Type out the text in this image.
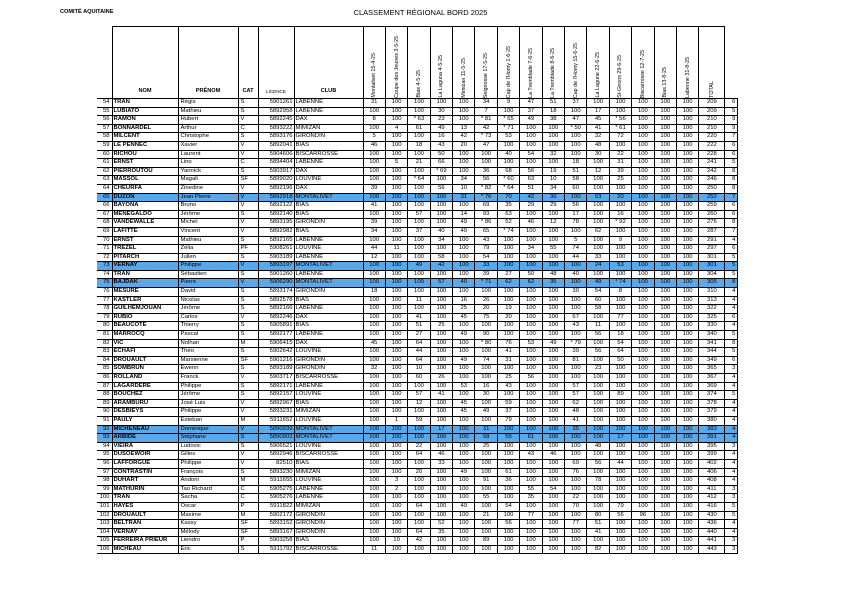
COMITÉ AQUITAINE	CLASSEMENT RÉGIONAL BORD 2025
	NOM	PRÉNOM	CAT	LICENCE	CLUB	Montalivet 15-4-25	Coupe des Jeunes 3-5-25	Bias 4-5-25	La Laguna 4-5-25	Mimizan 11-5-25	Seignosse 17-5-25	Cap de l'Homy 1-6-25	La Tremblade 7-6-25	La Tremblade 8-6-25	Cap de l'Homy 15-6-25	La Lagune 22-6-25	St-Girons 29-6-25	Biscarrosse 12-7-25	Bias 13-8-25	Labenne 31-8-25	TOTAL	

54	TRAN	Régis	S	5901261	LABENNE	31	100	100	100	100	34	9	47	51	37	100	100	100	100	100	209	6
55	LUBIATO	Mathieu	S	5892958	LABENNE	100	100	100	30	100	7	100	37	18	100	17	100	100	100	100	209	5
56	RAMON	Hubert	V	5892245	DAX	8	100	* 63	23	100	* 81	* 65	49	38	47	45	* 56	100	100	100	210	9
57	BONNARDEL	Arthur	C	5893222	MIMIZAN	100	4	61	49	13	42	* 71	100	100	* 50	41	* 61	100	100	100	210	9
58	MILCENT	Christophe	S	5893176	GIRONDIN	5	100	100	16	42	* 73	53	100	100	100	32	72	100	100	100	220	7
59	LE PENNEC	Xavier	V	5892041	BIAS	46	100	18	43	20	47	100	100	100	100	48	100	100	100	100	222	6
60	RICHOU	Laurent	V	5904606	BISCARROSSE	100	100	100	50	100	100	40	54	32	100	30	22	100	100	100	228	6
61	ERNST	Lino	C	5894404	LABENNE	100	5	21	66	100	100	100	100	100	18	100	31	100	100	100	241	5
62	PIERROUTOU	Yannick	S	5903917	DAX	100	100	100	* 69	100	36	68	56	19	51	12	39	100	100	100	242	8
63	MASSOL	Magali	SF	5899020	LOUVINE	100	100	* 64	100	34	56	* 60	63	10	58	100	25	100	100	100	246	8
64	CHEURFA	Zinedine	V	5892196	DAX	39	100	100	56	10	* 82	* 64	51	34	60	100	100	100	100	100	250	8
65	DUZON	Jean Pierre	V	5892918	MONTALIVET	100	100	100	100	31	* 76	70	42	36	100	53	20	100	100	100	252	7
66	BAYONA	Bruno	V	5892122	BIAS	41	100	100	100	100	69	35	29	29	56	100	100	100	100	100	259	6
67	MENEGALDO	Jérôme	S	5892140	BIAS	100	100	57	100	14	93	63	100	100	17	100	16	100	100	100	260	6
68	VANDEWALLE	Michel	V	5893195	GIRONDIN	39	100	100	100	49	* 86	52	46	12	78	100	* 92	100	100	100	276	8
69	LAFITTE	Vincent	V	5892982	BIAS	34	100	37	40	49	65	* 74	100	100	100	62	100	100	100	100	287	7
70	ERNST	Mathieu	S	5892165	LABENNE	100	100	100	34	100	43	100	100	100	5	100	9	100	100	100	291	4
71	TREZEL	Zélia	PF	5908261	LOUVINE	44	11	100	100	100	79	100	34	55	74	100	100	100	100	100	297	6
72	PITARCH	Julien	S	5903189	LABENNE	12	100	100	58	100	54	100	100	100	44	33	100	100	100	100	301	5
73	VERNAY	Philippe	V	5893197	MONTALIVET	100	100	49	42	100	33	100	100	100	100	24	53	100	100	100	301	5
74	TRAN	Sébastien	S	5901260	LABENNE	100	100	100	100	100	39	27	50	48	40	100	100	100	100	100	304	5
75	BAJDAK	Pierre	V	5906290	MONTALIVET	100	100	100	57	40	* 71	62	62	35	100	49	* 74	100	100	100	305	8
76	MESURE	David	S	5893174	GIRONDIN	18	100	100	100	100	100	100	100	100	30	54	8	100	100	100	310	4
77	KASTLER	Nicolas	S	5892578	BIAS	100	100	11	100	16	26	100	100	100	100	60	100	100	100	100	313	4
78	GUILHEMJOUAN	Jérôme	S	5892166	LABENNE	100	100	100	100	25	20	19	100	100	100	58	100	100	100	100	322	4
79	RUBIO	Carlos	V	5892246	DAX	100	100	41	100	45	75	20	100	100	67	100	77	100	100	100	325	6
80	BEAUCOTE	Thierry	S	5905891	BIAS	100	100	51	25	100	100	100	100	100	43	11	100	100	100	100	330	4
81	MARROCQ	Pascal	S	5892177	LABENNE	100	100	27	100	49	90	100	100	100	100	56	18	100	100	100	340	5
82	VIC	Nolhan	M	5906415	DAX	45	100	64	100	100	* 80	76	53	49	* 79	100	54	100	100	100	341	8
83	ÉCHAFI	Théo	S	5902642	LOUVINE	100	100	44	100	100	100	41	100	100	39	56	64	100	100	100	344	5
84	DROUAULT	Marsienne	SF	5901216	GIRONDIN	100	100	64	100	49	74	31	100	100	81	100	50	100	100	100	349	6
85	SOMBRUN	Ewenn	S	5893189	GIRONDIN	32	100	10	100	100	100	100	100	100	100	23	100	100	100	100	365	3
86	ROLLAND	Franck	V	5903717	BISCARROSSE	100	100	60	26	100	100	25	56	100	100	100	100	100	100	100	367	4
87	LAGARDÈRE	Philippe	S	5892171	LABENNE	100	100	100	100	53	16	43	100	100	57	100	100	100	100	100	369	4
88	BOUCHEZ	Jérôme	S	5892157	LOUVINE	100	100	57	41	100	30	100	100	100	57	100	89	100	100	100	374	5
89	ARAMBURU	José Luis	V	5892967	BIAS	100	100	12	100	45	100	59	100	100	62	100	100	100	100	100	378	4
90	DESBIEYS	Philippe	V	5893231	MIMIZAN	100	100	100	100	45	49	37	100	100	48	100	100	100	100	100	379	4
91	PAULY	Esteban	M	5911652	LOUVINE	100	1	59	100	100	100	79	100	100	41	100	100	100	100	100	380	4
92	MICHENEAU	Dominique	V	5890939	MONTALIVET	100	100	100	17	100	31	100	100	100	35	100	100	100	100	100	383	4
93	ARBIDE	Stéphane	S	5890903	MONTALIVET	100	100	100	100	100	58	55	61	100	100	100	17	100	100	100	391	4
94	VIEIRA	Ludovic	S	5906521	LOUVINE	100	100	22	100	100	25	100	100	100	100	48	100	100	100	100	395	3
95	DUSOEWOIR	Gilles	V	5892946	BISCARROSSE	100	100	64	46	100	100	100	43	46	100	100	100	100	100	100	399	4
96	LAFFORGUE	Philippe	V	82510	BIAS	100	100	100	33	100	100	100	100	100	69	56	44	100	100	100	402	4
97	CONTRASTIN	François	S	5893230	MIMIZAN	100	100	20	100	49	100	61	100	100	76	100	100	100	100	100	406	4
98	DUHART	Andoni	M	5911655	LOUVINE	100	3	100	100	100	91	36	100	100	100	78	100	100	100	100	408	4
99	MATHURIN	Tao Richard	C	5905275	LABENNE	100	2	100	100	100	100	100	55	54	100	100	100	100	100	100	411	3
100	TRAN	Sacha	C	5905276	LABENNE	100	100	100	100	100	55	100	35	100	22	100	100	100	100	100	412	3
101	HAYES	Oscar	P	5911822	MIMIZAN	100	100	64	100	49	100	54	100	100	70	100	79	100	100	100	416	5
102	DROUAULT	Maxime	M	5902172	GIRONDIN	100	100	100	100	100	21	100	77	100	100	80	56	96	100	100	430	5
103	BELTRAN	Kassy	SF	5893152	GIRONDIN	100	100	100	52	100	100	56	100	100	77	51	100	100	100	100	436	4
104	VERNAY	Mélody	SF	5893167	GIRONDIN	100	100	64	35	100	100	100	100	100	100	41	100	100	100	100	440	4
105	FERREIRA PRIEUR	Liendro	P	5903258	BIAS	100	10	42	100	100	89	100	100	100	100	100	100	100	100	100	441	3
106	MICHEAU	Eric	S	5911792	BISCARROSSE	11	100	100	100	100	100	100	100	100	100	82	100	100	100	100	443	3
